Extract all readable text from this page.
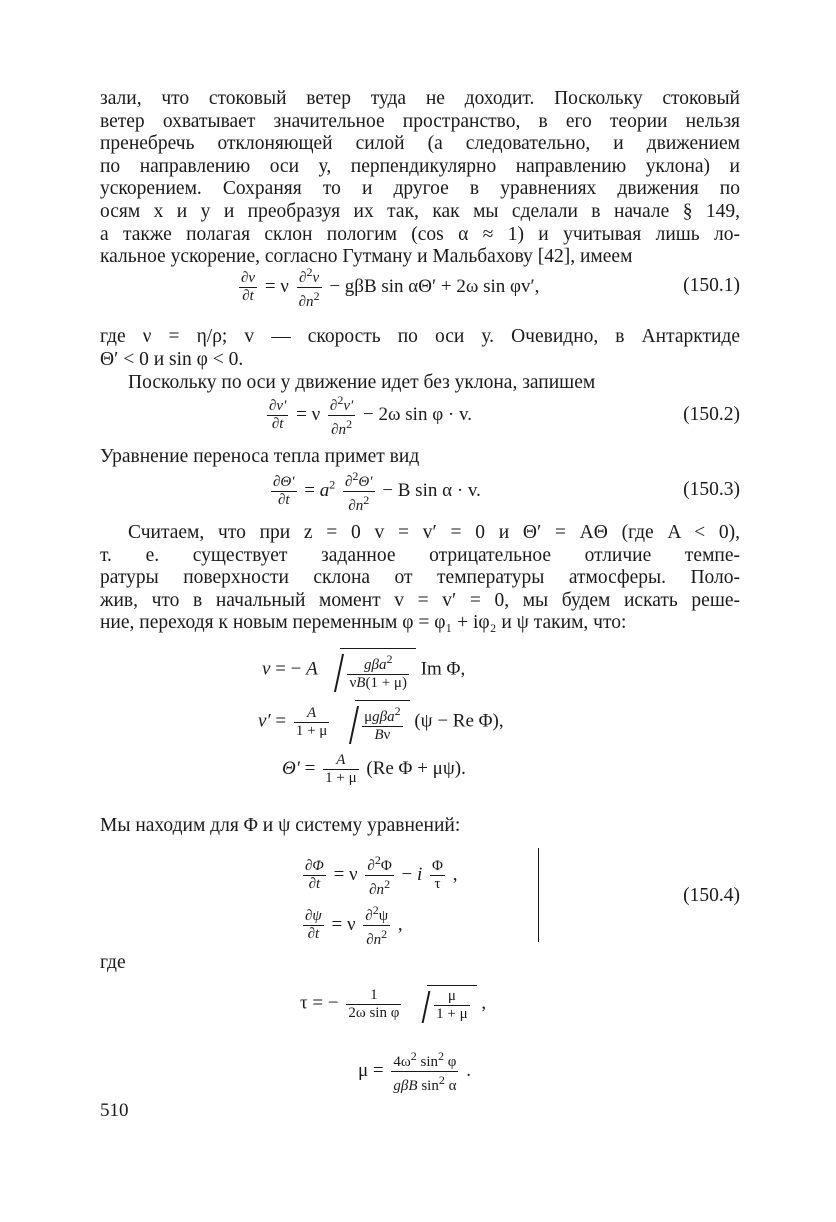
зали, что стоковый ветер туда не доходит. Поскольку стоковый
ветер охватывает значительное пространство, в его теории нельзя
пренебречь отклоняющей силой (а следовательно, и движением
по направлению оси у, перпендикулярно направлению уклона) и
ускорением. Сохраняя то и другое в уравнениях движения по
осям х и у и преобразуя их так, как мы сделали в начале § 149,
а также полагая склон пологим (cos α ≈ 1) и учитывая лишь ло-
кальное ускорение, согласно Гутману и Мальбахову [42], имеем
$\frac{\partial v}{\partial t} = \nu \frac{\partial^2v}{\partial n^2} - g\beta B$ sin αΘ′ + 2ω sin φv′,	(150.1)
где ν = η/ρ; v — скорость по оси у. Очевидно, в Антарктиде
Θ′ < 0 и sin φ < 0.
Поскольку по оси у движение идет без уклона, запишем
$\frac{\partial v'}{\partial t} = \nu \frac{\partial^2v'}{\partial n^2} - 2\omega$ sin φ · v.	(150.2)
Уравнение переноса тепла примет вид
$\frac{\partial\Theta'}{\partial t} = a^2 \frac{\partial^2\Theta'}{\partial n^2} - B$ sin α · v.	(150.3)
Считаем, что при z = 0 v = v′ = 0 и Θ′ = AΘ (где A < 0),
т. е. существует заданное отрицательное отличие темпе-
ратуры поверхности склона от температуры атмосферы. Поло-
жив, что в начальный момент v = v′ = 0, мы будем искать реше-
ние, переходя к новым переменным φ = φ₁ + iφ₂ и ψ таким, что:
v = − A $\frac{g\beta a^2}{\nu B(1 + \mu)}$ Im Φ,
$v' = \frac{A}{1 + \mu}$
$\frac{\mu g\beta a^2}{B\nu} (\psi - Re$ Φ),
$\Theta' = \frac{A}{1 + \mu} (Re$ Φ + μψ).
Мы находим для Φ и ψ систему уравнений:
$\frac{\partial\Phi}{\partial t} = \nu \frac{\partial^2\Phi}{\partial n^2} - i \frac{\Phi}{\tau}$ ,
$\frac{\partial\psi}{\partial t} = \nu \frac{\partial^2\psi}{\partial n^2}$ ,
(150.4)
где
τ = − $\frac{1}{\text{2ω sin φ}}$
$\frac{\mu}{1 + \mu}$ ,
$\mu = \frac{4\omega^2 \sin^2 \varphi}{g\beta B \sin^2 \alpha}$ .
510
